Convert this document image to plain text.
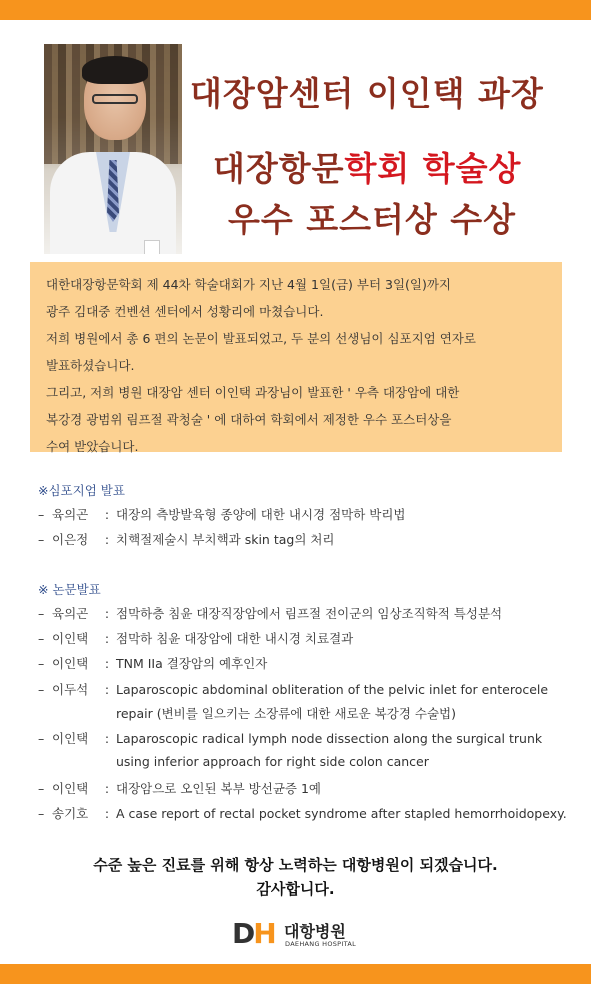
대장암센터 이인택 과장
대장항문학회 학술상
우수 포스터상 수상

대한대장항문학회 제 44차 학술대회가 지난 4월 1일(금) 부터 3일(일)까지

광주 김대중 컨벤션 센터에서 성황리에 마쳤습니다.

저희 병원에서 총 6 편의 논문이 발표되었고, 두 분의 선생님이 심포지엄 연자로

발표하셨습니다.

그리고, 저희 병원 대장암 센터 이인택 과장님이 발표한 ' 우측 대장암에 대한

복강경 광범위 림프절 곽청술 ' 에 대하여 학회에서 제정한 우수 포스터상을

수여 받았습니다.

※심포지엄 발표
– 육의곤 : 대장의 측방발육형 종양에 대한 내시경 점막하 박리법
– 이은정 : 치핵절제술시 부치핵과 skin tag의 처리
※ 논문발표
– 육의곤 : 점막하층 침윤 대장직장암에서 림프절 전이군의 임상조직학적 특성분석
– 이인택 : 점막하 침윤 대장암에 대한 내시경 치료결과
– 이인택 : TNM IIa 결장암의 예후인자
– 이두석 : Laparoscopic abdominal obliteration of the pelvic inlet for enterocele
repair (변비를 일으키는 소장류에 대한 새로운 복강경 수술법)
– 이인택 : Laparoscopic radical lymph node dissection along the surgical trunk
using inferior approach for right side colon cancer
– 이인택 : 대장암으로 오인된 복부 방선균증 1예
– 송기호 : A case report of rectal pocket syndrome after stapled hemorrhoidopexy.
수준 높은 진료를 위해 항상 노력하는 대항병원이 되겠습니다.
감사합니다.
DH 대항병원
DAEHANG HOSPITAL
